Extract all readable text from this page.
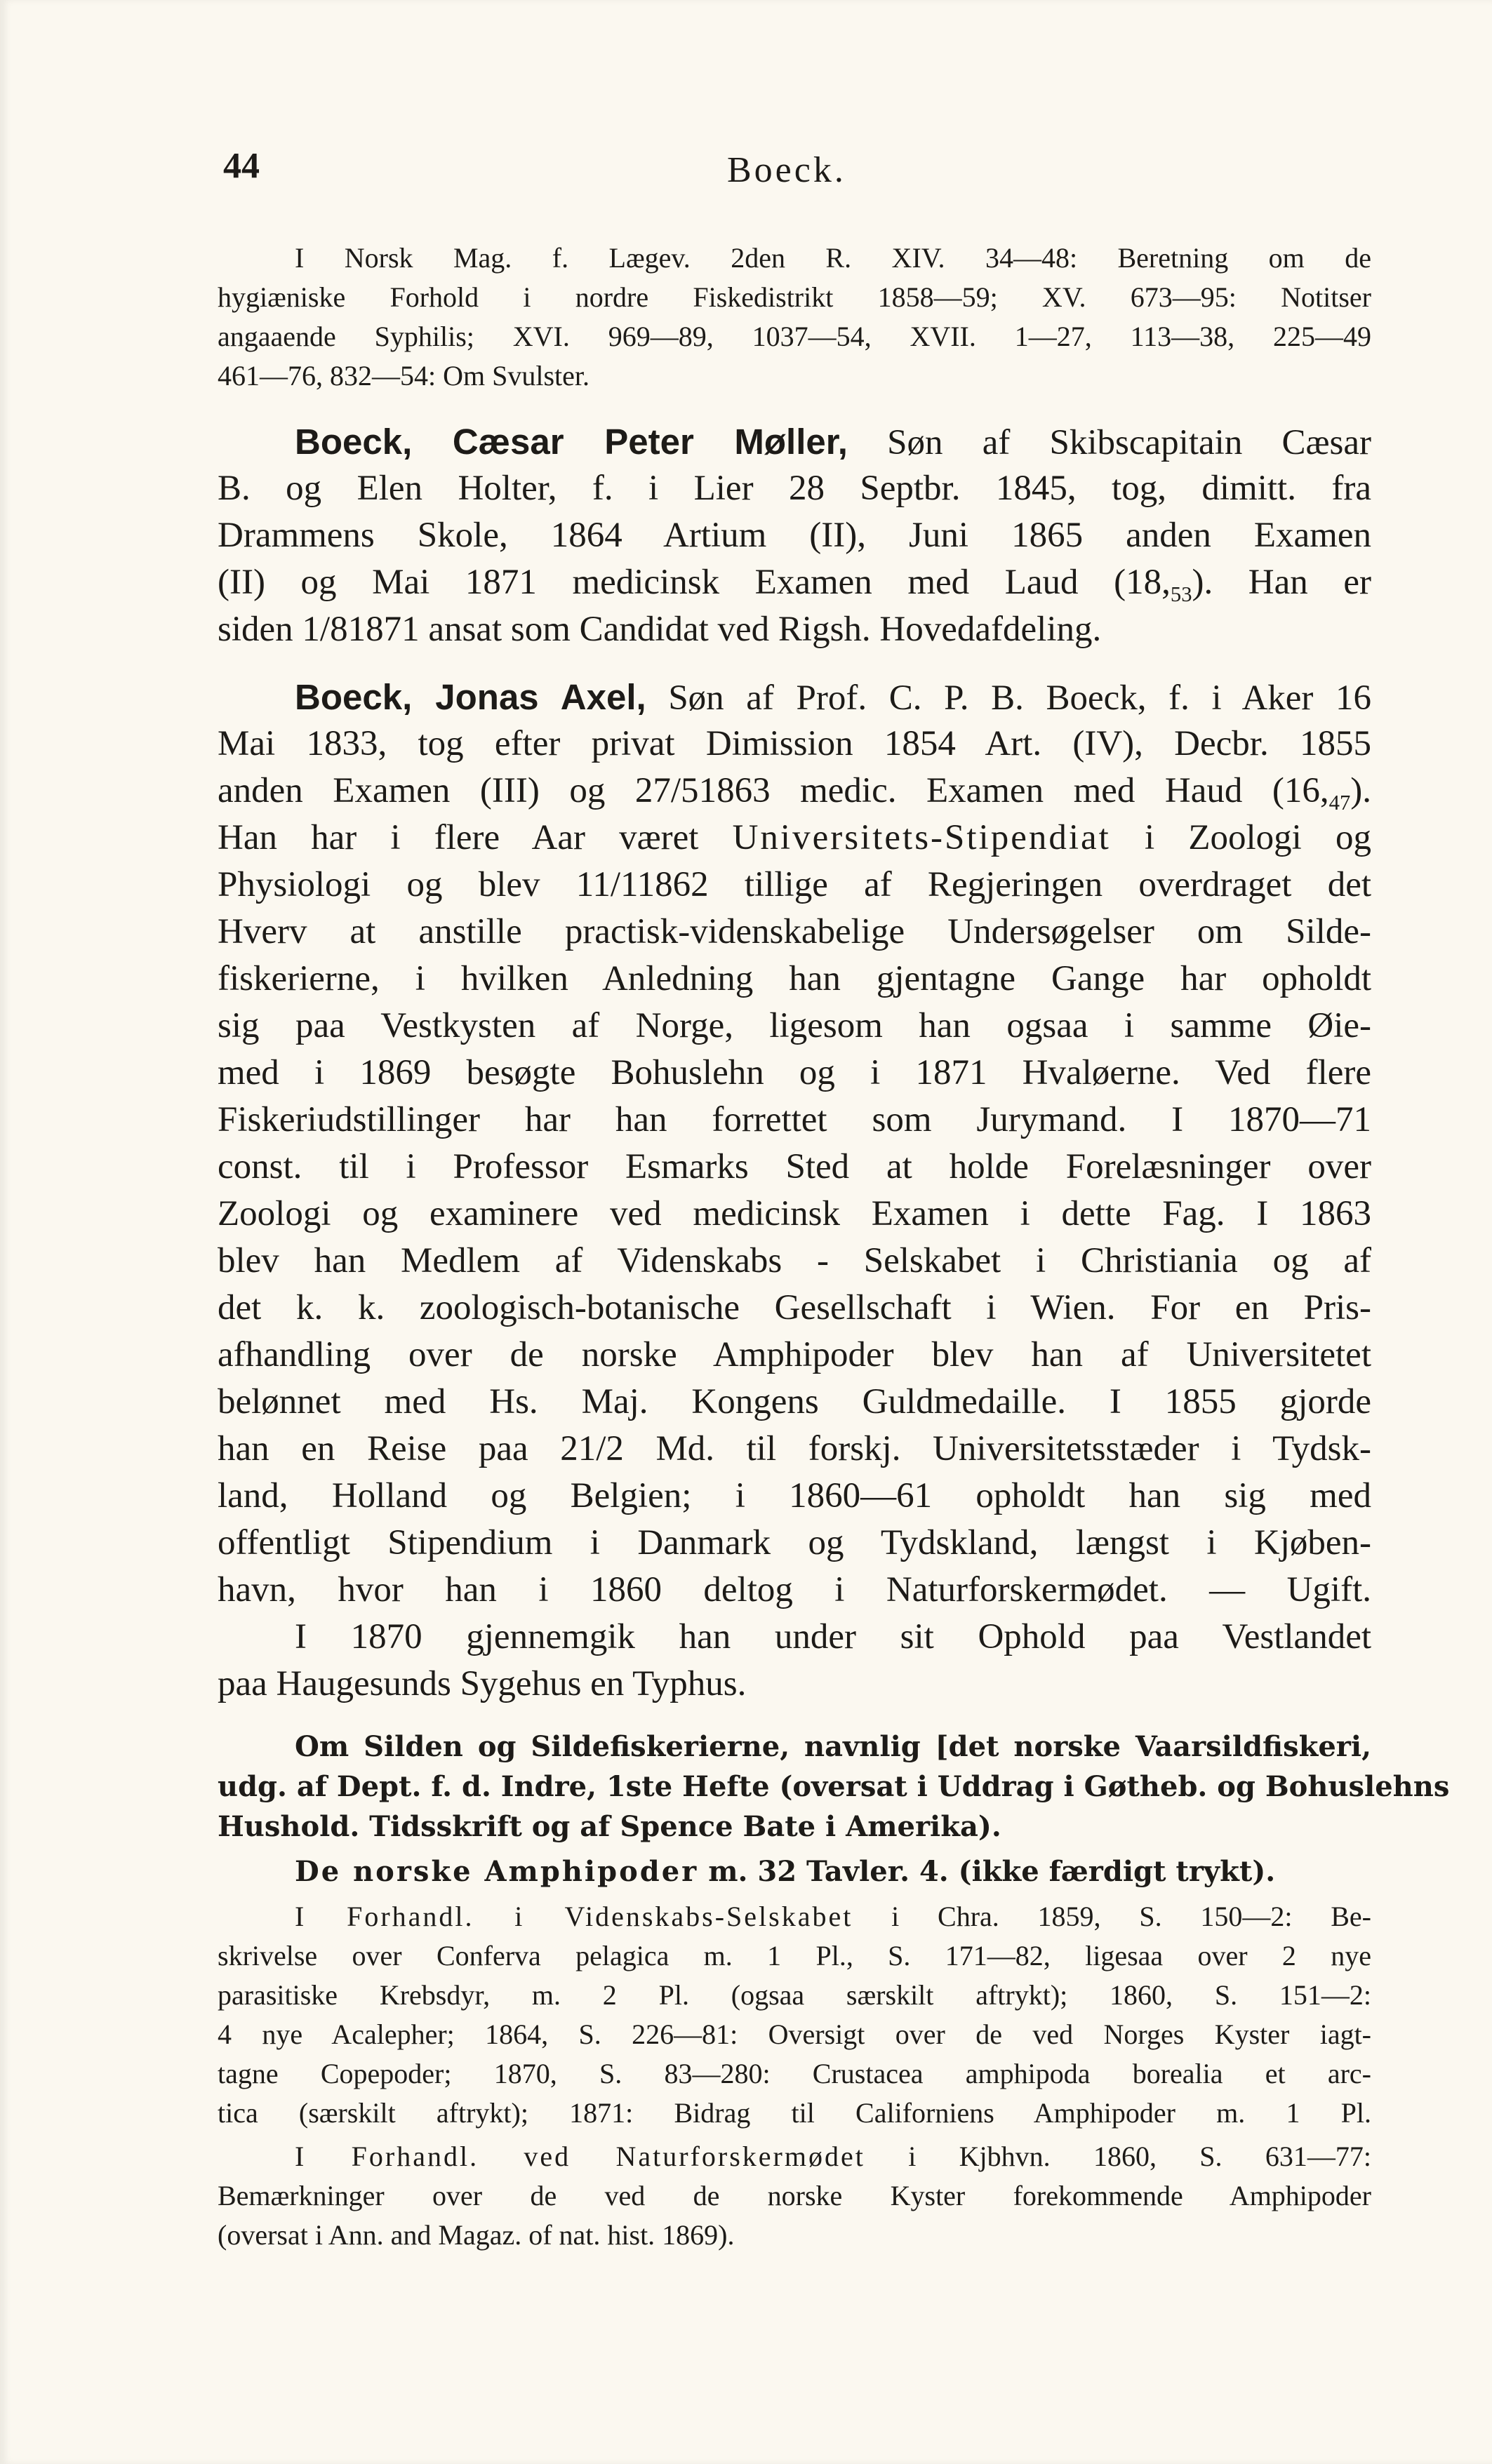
44	Boeck.
I Norsk Mag. f. Lægev. 2den R. XIV. 34—48: Beretning om de
hygiæniske Forhold i nordre Fiskedistrikt 1858—59; XV. 673—95: Notitser
angaaende Syphilis; XVI. 969—89, 1037—54, XVII. 1—27, 113—38, 225—49
461—76, 832—54: Om Svulster.
Boeck, Cæsar Peter Møller, Søn af Skibscapitain Cæsar
B. og Elen Holter, f. i Lier 28 Septbr. 1845, tog, dimitt. fra
Drammens Skole, 1864 Artium (II), Juni 1865 anden Examen
(II) og Mai 1871 medicinsk Examen med Laud $(18,_{53})$. Han er
siden 1/81871 ansat som Candidat ved Rigsh. Hovedafdeling.
Boeck, Jonas Axel, Søn af Prof. C. P. B. Boeck, f. i Aker 16
Mai 1833, tog efter privat Dimission 1854 Art. (IV), Decbr. 1855
anden Examen (III) og 27/51863 medic. Examen med Haud $(16,_{47})$.
Han har i flere Aar været Universitets-Stipendiat i Zoologi og
Physiologi og blev 11/11862 tillige af Regjeringen overdraget det
Hverv at anstille practisk-videnskabelige Undersøgelser om Silde-
fiskerierne, i hvilken Anledning han gjentagne Gange har opholdt
sig paa Vestkysten af Norge, ligesom han ogsaa i samme Øie-
med i 1869 besøgte Bohuslehn og i 1871 Hvaløerne. Ved flere
Fiskeriudstillinger har han forrettet som Jurymand. I 1870—71
const. til i Professor Esmarks Sted at holde Forelæsninger over
Zoologi og examinere ved medicinsk Examen i dette Fag. I 1863
blev han Medlem af Videnskabs - Selskabet i Christiania og af
det k. k. zoologisch-botanische Gesellschaft i Wien. For en Pris-
afhandling over de norske Amphipoder blev han af Universitetet
belønnet med Hs. Maj. Kongens Guldmedaille. I 1855 gjorde
han en Reise paa 21/2 Md. til forskj. Universitetsstæder i Tydsk-
land, Holland og Belgien; i 1860—61 opholdt han sig med
offentligt Stipendium i Danmark og Tydskland, længst i Kjøben-
havn, hvor han i 1860 deltog i Naturforskermødet. — Ugift.
I 1870 gjennemgik han under sit Ophold paa Vestlandet
paa Haugesunds Sygehus en Typhus.
Om Silden og Sildefiskerierne, navnlig [det norske Vaarsildfiskeri,
udg. af Dept. f. d. Indre, 1ste Hefte (oversat i Uddrag i Gøtheb. og Bohuslehns
Hushold. Tidsskrift og af Spence Bate i Amerika).
De norske Amphipoder m. 32 Tavler. 4. (ikke færdigt trykt).
I Forhandl. i Videnskabs-Selskabet i Chra. 1859, S. 150—2: Be-
skrivelse over Conferva pelagica m. 1 Pl., S. 171—82, ligesaa over 2 nye
parasitiske Krebsdyr, m. 2 Pl. (ogsaa særskilt aftrykt); 1860, S. 151—2:
4 nye Acalepher; 1864, S. 226—81: Oversigt over de ved Norges Kyster iagt-
tagne Copepoder; 1870, S. 83—280: Crustacea amphipoda borealia et arc-
tica (særskilt aftrykt); 1871: Bidrag til Californiens Amphipoder m. 1 Pl.
I Forhandl. ved Naturforskermødet i Kjbhvn. 1860, S. 631—77:
Bemærkninger over de ved de norske Kyster forekommende Amphipoder
(oversat i Ann. and Magaz. of nat. hist. 1869).
